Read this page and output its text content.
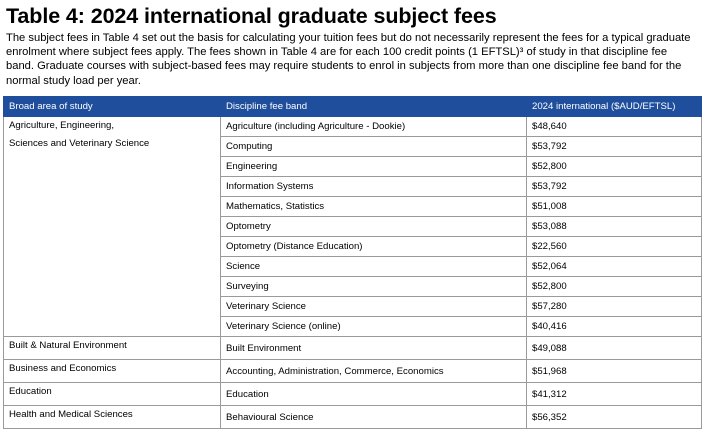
Table 4: 2024 international graduate subject fees

The subject fees in Table 4 set out the basis for calculating your tuition fees but do not necessarily represent the fees for a typical graduate enrolment where subject fees apply. The fees shown in Table 4 are for each 100 credit points (1 EFTSL)³ of study in that discipline fee band. Graduate courses with subject-based fees may require students to enrol in subjects from more than one discipline fee band for the normal study load per year.

Broad area of study	Discipline fee band	2024 international ($AUD/EFTSL)
Agriculture, Engineering,
Sciences and Veterinary Science	Agriculture (including Agriculture - Dookie)	$48,640
	Computing	$53,792
	Engineering	$52,800
	Information Systems	$53,792
	Mathematics, Statistics	$51,008
	Optometry	$53,088
	Optometry (Distance Education)	$22,560
	Science	$52,064
	Surveying	$52,800
	Veterinary Science	$57,280
	Veterinary Science (online)	$40,416
Built & Natural Environment	Built Environment	$49,088
Business and Economics	Accounting, Administration, Commerce, Economics	$51,968
Education	Education	$41,312
Health and Medical Sciences	Behavioural Science	$56,352
